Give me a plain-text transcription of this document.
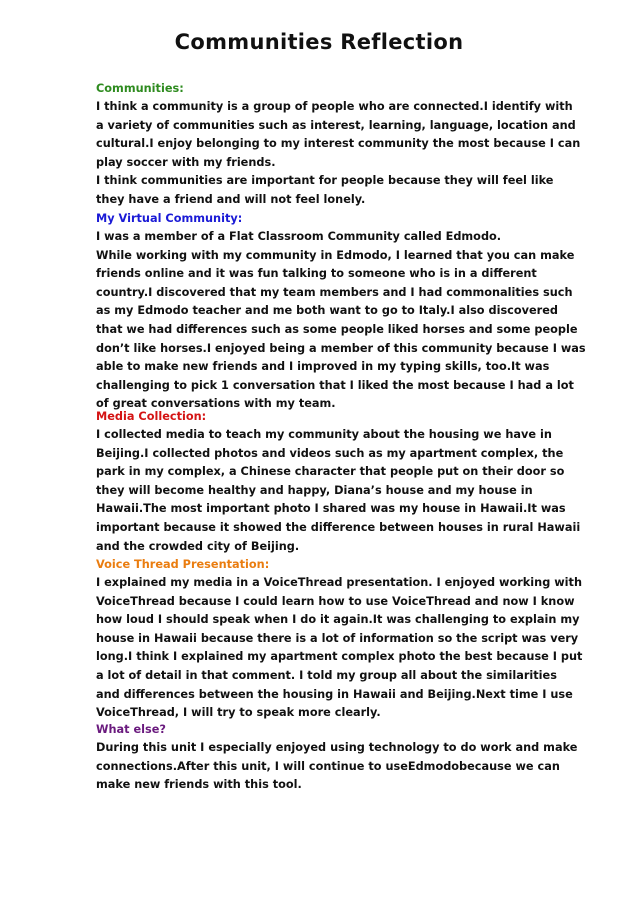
Communities Reflection
Communities:
I think a community is a group of people who are connected.I identify with
a variety of communities such as interest, learning, language, location and
cultural.I enjoy belonging to my interest community the most because I can
play soccer with my friends.
I think communities are important for people because they will feel like
they have a friend and will not feel lonely.
My Virtual Community:
I was a member of a Flat Classroom Community called Edmodo.
While working with my community in Edmodo, I learned that you can make
friends online and it was fun talking to someone who is in a different
country.I discovered that my team members and I had commonalities such
as my Edmodo teacher and me both want to go to Italy.I also discovered
that we had differences such as some people liked horses and some people
don’t like horses.I enjoyed being a member of this community because I was
able to make new friends and I improved in my typing skills, too.It was
challenging to pick 1 conversation that I liked the most because I had a lot
of great conversations with my team.
Media Collection:
I collected media to teach my community about the housing we have in
Beijing.I collected photos and videos such as my apartment complex, the
park in my complex, a Chinese character that people put on their door so
they will become healthy and happy, Diana’s house and my house in
Hawaii.The most important photo I shared was my house in Hawaii.It was
important because it showed the difference between houses in rural Hawaii
and the crowded city of Beijing.
Voice Thread Presentation:
I explained my media in a VoiceThread presentation. I enjoyed working with
VoiceThread because I could learn how to use VoiceThread and now I know
how loud I should speak when I do it again.It was challenging to explain my
house in Hawaii because there is a lot of information so the script was very
long.I think I explained my apartment complex photo the best because I put
a lot of detail in that comment. I told my group all about the similarities
and differences between the housing in Hawaii and Beijing.Next time I use
VoiceThread, I will try to speak more clearly.
What else?
During this unit I especially enjoyed using technology to do work and make
connections.After this unit, I will continue to useEdmodobecause we can
make new friends with this tool.
